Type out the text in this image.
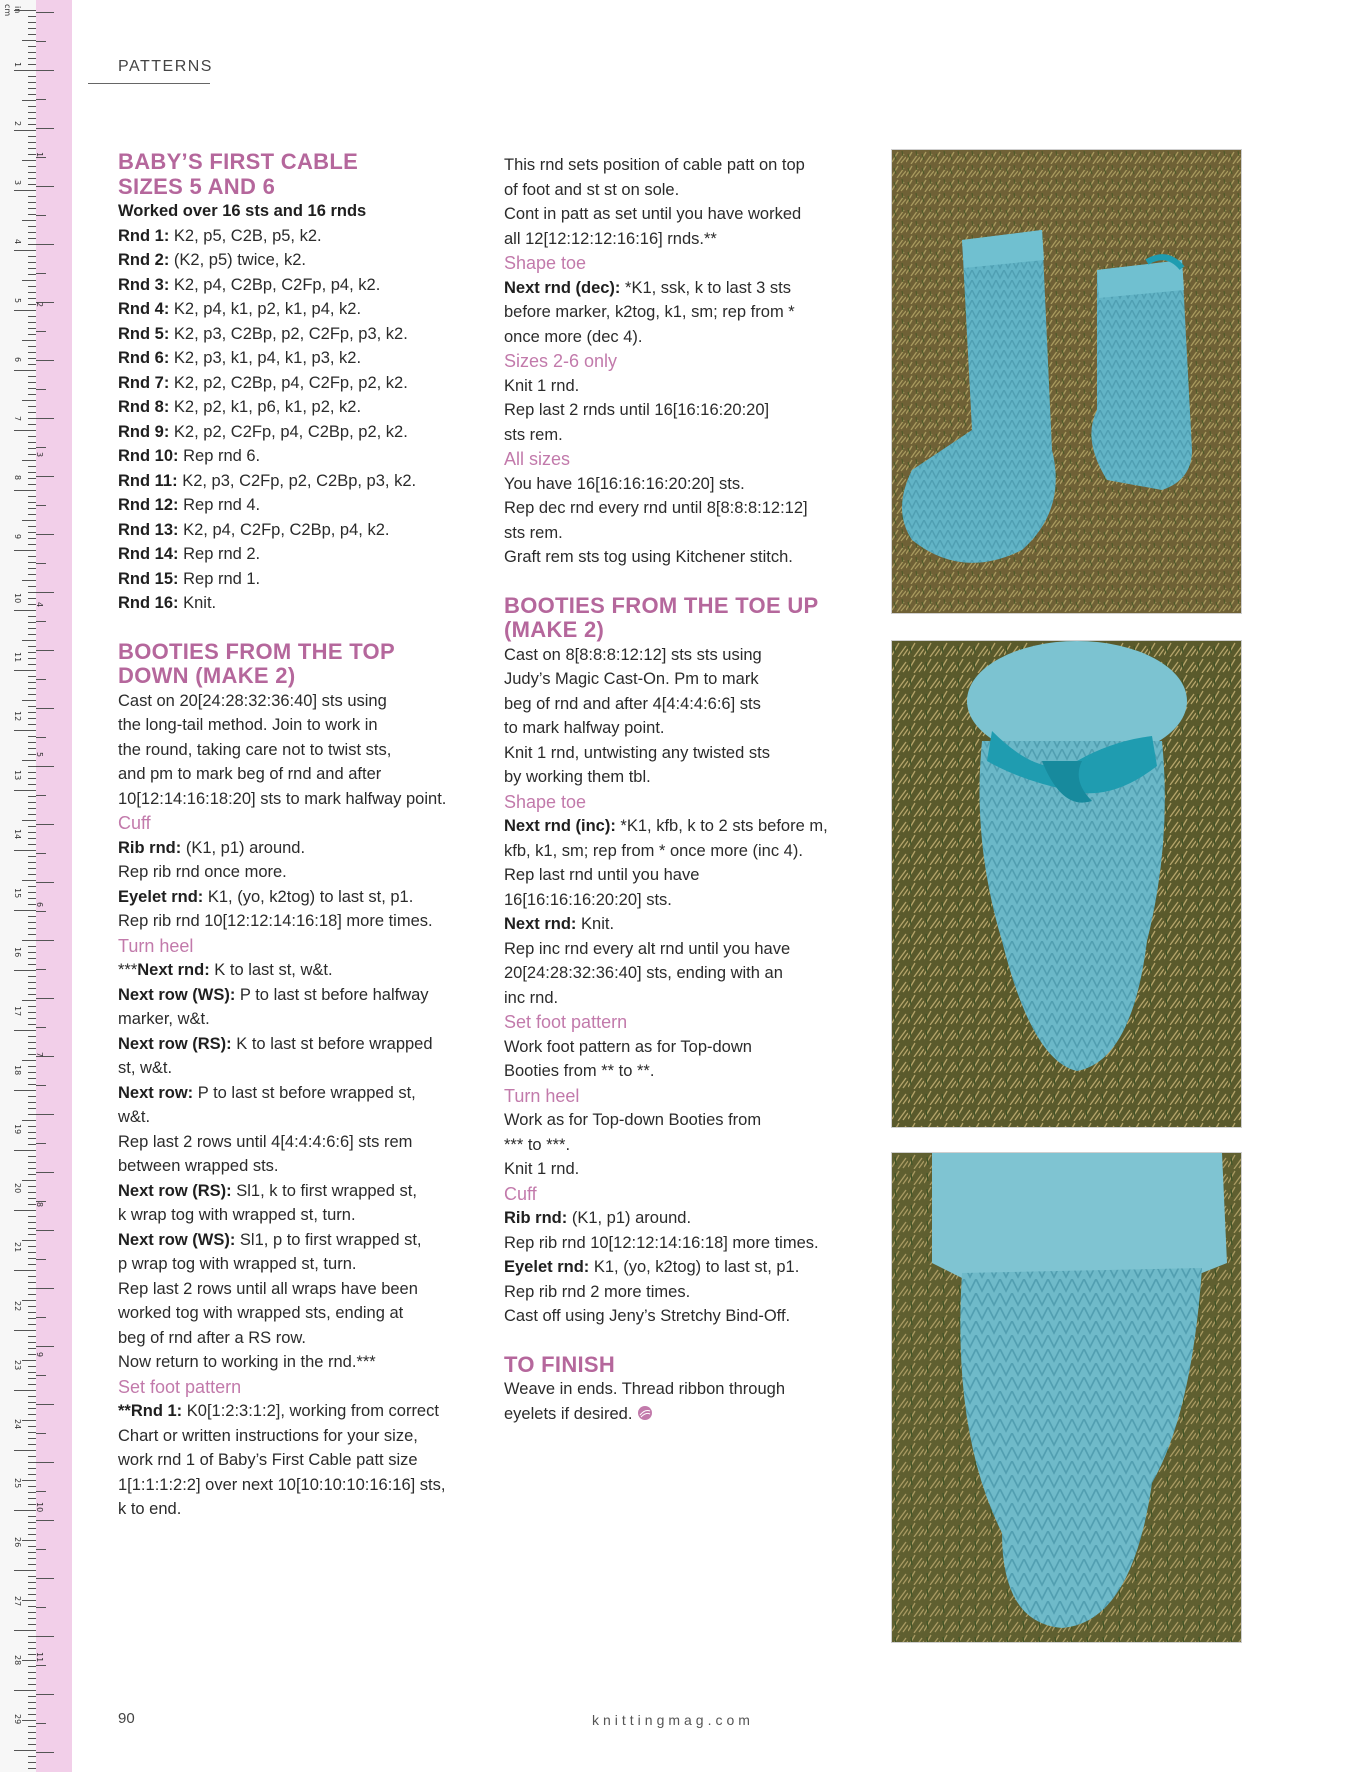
cm
1
2
3
4
5
6
7
8
9
10
11
12
13
14
15
16
17
18
19
20
21
22
23
24
25
26
27
28
29
1
2
3
4
5
6
7
8
9
10
11
PATTERNS

BABY’S FIRST CABLE

SIZES 5 AND 6

Worked over 16 sts and 16 rnds

Rnd 1: K2, p5, C2B, p5, k2.

Rnd 2: (K2, p5) twice, k2.

Rnd 3: K2, p4, C2Bp, C2Fp, p4, k2.

Rnd 4: K2, p4, k1, p2, k1, p4, k2.

Rnd 5: K2, p3, C2Bp, p2, C2Fp, p3, k2.

Rnd 6: K2, p3, k1, p4, k1, p3, k2.

Rnd 7: K2, p2, C2Bp, p4, C2Fp, p2, k2.

Rnd 8: K2, p2, k1, p6, k1, p2, k2.

Rnd 9: K2, p2, C2Fp, p4, C2Bp, p2, k2.

Rnd 10: Rep rnd 6.

Rnd 11: K2, p3, C2Fp, p2, C2Bp, p3, k2.

Rnd 12: Rep rnd 4.

Rnd 13: K2, p4, C2Fp, C2Bp, p4, k2.

Rnd 14: Rep rnd 2.

Rnd 15: Rep rnd 1.

Rnd 16: Knit.

BOOTIES FROM THE TOP

DOWN (MAKE 2)

Cast on 20[24:28:32:36:40] sts using

the long-tail method. Join to work in

the round, taking care not to twist sts,

and pm to mark beg of rnd and after

10[12:14:16:18:20] sts to mark halfway point.

Cuff

Rib rnd: (K1, p1) around.

Rep rib rnd once more.

Eyelet rnd: K1, (yo, k2tog) to last st, p1.

Rep rib rnd 10[12:12:14:16:18] more times.

Turn heel

***Next rnd: K to last st, w&t.

Next row (WS): P to last st before halfway

marker, w&t.

Next row (RS): K to last st before wrapped

st, w&t.

Next row: P to last st before wrapped st,

w&t.

Rep last 2 rows until 4[4:4:4:6:6] sts rem

between wrapped sts.

Next row (RS): Sl1, k to first wrapped st,

k wrap tog with wrapped st, turn.

Next row (WS): Sl1, p to first wrapped st,

p wrap tog with wrapped st, turn.

Rep last 2 rows until all wraps have been

worked tog with wrapped sts, ending at

beg of rnd after a RS row.

Now return to working in the rnd.***

Set foot pattern

**Rnd 1: K0[1:2:3:1:2], working from correct

Chart or written instructions for your size,

work rnd 1 of Baby’s First Cable patt size

1[1:1:1:2:2] over next 10[10:10:10:16:16] sts,

k to end.

This rnd sets position of cable patt on top

of foot and st st on sole.

Cont in patt as set until you have worked

all 12[12:12:12:16:16] rnds.**

Shape toe

Next rnd (dec): *K1, ssk, k to last 3 sts

before marker, k2tog, k1, sm; rep from *

once more (dec 4).

Sizes 2-6 only

Knit 1 rnd.

Rep last 2 rnds until 16[16:16:20:20]

sts rem.

All sizes

You have 16[16:16:16:20:20] sts.

Rep dec rnd every rnd until 8[8:8:8:12:12]

sts rem.

Graft rem sts tog using Kitchener stitch.

BOOTIES FROM THE TOE UP

(MAKE 2)

Cast on 8[8:8:8:12:12] sts sts using

Judy’s Magic Cast-On. Pm to mark

beg of rnd and after 4[4:4:4:6:6] sts

to mark halfway point.

Knit 1 rnd, untwisting any twisted sts

by working them tbl.

Shape toe

Next rnd (inc): *K1, kfb, k to 2 sts before m,

kfb, k1, sm; rep from * once more (inc 4).

Rep last rnd until you have

16[16:16:16:20:20] sts.

Next rnd: Knit.

Rep inc rnd every alt rnd until you have

20[24:28:32:36:40] sts, ending with an

inc rnd.

Set foot pattern

Work foot pattern as for Top-down

Booties from ** to **.

Turn heel

Work as for Top-down Booties from

*** to ***.

Knit 1 rnd.

Cuff

Rib rnd: (K1, p1) around.

Rep rib rnd 10[12:12:14:16:18] more times.

Eyelet rnd: K1, (yo, k2tog) to last st, p1.

Rep rib rnd 2 more times.

Cast off using Jeny’s Stretchy Bind-Off.

TO FINISH

Weave in ends. Thread ribbon through

eyelets if desired.

90	knittingmag.com
